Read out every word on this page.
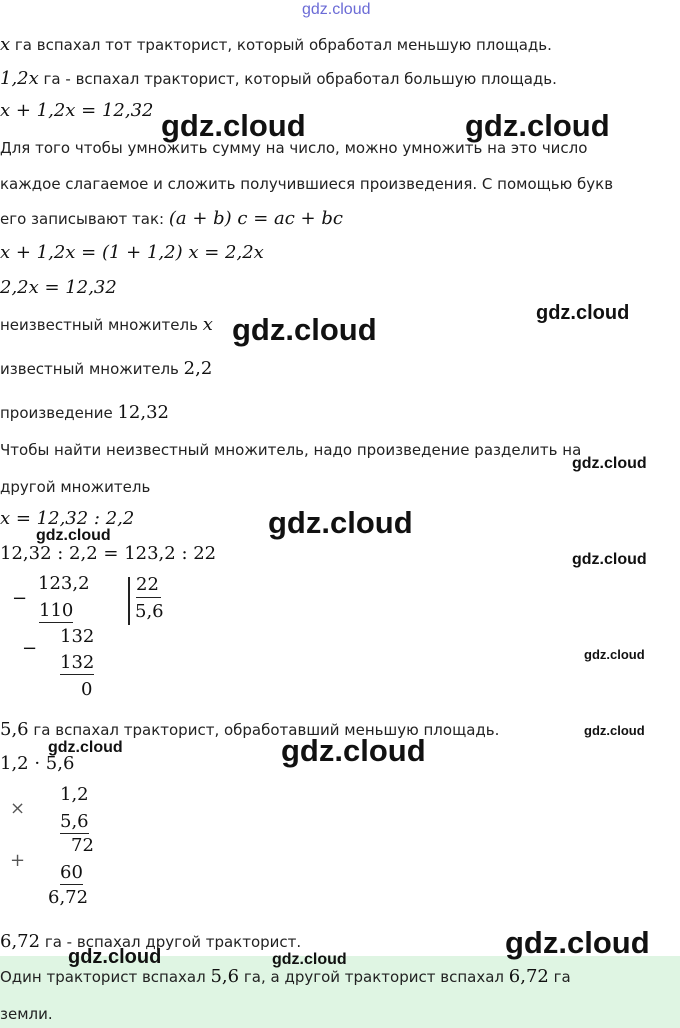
gdz.cloud
x га вспахал тот тракторист, который обработал меньшую площадь.
1,2x га - вспахал тракторист, который обработал большую площадь.
x + 1,2x = 12,32 gdz.cloud	gdz.cloud
Для того чтобы умножить сумму на число, можно умножить на это число
каждое слагаемое и сложить получившиеся произведения. С помощью букв
его записывают так: (a + b) c = ac + bc
x + 1,2x = (1 + 1,2) x = 2,2x
2,2x = 12,32
gdz.cloud
неизвестный множитель x gdz.cloud
известный множитель 2,2
произведение 12,32
Чтобы найти неизвестный множитель, надо произведение разделить на
gdz.cloud
другой множитель
x = 12,32 : 2,2	gdz.cloud
gdz.cloud
12,32 : 2,2 = 123,2 : 22	gdz.cloud
−
123,2
110
22
5,6
−
132
132
0
gdz.cloud
5,6 га вспахал тракторист, обработавший меньшую площадь.	gdz.cloud
gdz.cloud
gdz.cloud
1,2 · 5,6
×
1,2
5,6
72
+
60
6,72
6,72 га - вспахал другой тракторист.	gdz.cloud
gdz.cloud	gdz.cloud
Один тракторист вспахал 5,6 га, а другой тракторист вспахал 6,72 га
земли.
